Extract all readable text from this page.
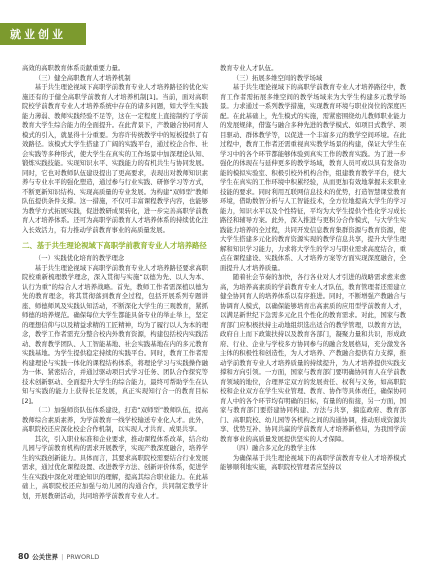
就业创业

高效的高职教育体系贡献重要力量。

（三）健全高职教育人才培养机制

基于共生理论视域下高职学前教育专业人才培养路径的优化实施还有的于健全高职学前教育人才培养机制[1]。当前，面对高职院校学前教育专业人才培养系统中存在的诸多问题，如大学生实践能力薄弱、教师实践经验不足等，这在一定程度上直接制约了学前教育大学生综合能力的全面提升。在此背景下，产教融合协同育人模式的引入，就显得十分重要。为容许传统教学中的短板提供了有效路径。该模式大学生搭建了广阔的实践平台，通过校企合作、社会实践等多种形式，使大学生在真实的工作场景中加深理论认知、锻炼实践技能。实现知识水平、实践能力的有机共生与协同发展。同时，它也对教师队伍建设提出了更高要求，表现出对教师知识素养与专业水平的强化塑造，通过参与行业实践、研修学习等方式，不断更新知识结构、实现高质量的专业发展。为构建“双师型”教师队伍提供条件支撑。这一措施，不仅可丰富课程教学内容，也能够为教学方式拓展实践，促进教研成果转化，进一步完善高职学前教育人才培养体系。还可为高职学前教育人才培养体系的持续优化注入长效活力，有力推动学前教育事业的高质量发展。

二、基于共生理论视域下高职学前教育专业人才培养路径

（一）实践优化培育的教学理念

基于共生理论视域下高职学前教育专业人才培养路径要求高职院校重新梳理教学理念，深入贯彻与实施“以德为先、以人为本、认行为重”的综合人才培养战略。首先，教师工作者需深植以德为先的教育理念，将其贯彻落到教育全过程，包括开展系列专题讲座、师德师风及实践认知活动，不断深化大学生的三观教育，紧抓师德的培养规范。确保每位大学生都能具备专业的举止举上，坚定的理想信仰与以及精益求精的工匠精神，均为了履行以人为本的理念，教学工作者需充分整合校内外教育资源，构建包括校内实践活动、教育教学团队、人工智能基地、社会实践基地在内的多元教育实践基地。为学生提供稳定持续的实践平台。同时，教育工作者需构建理论与实践一体化的课程结构体系，将理论学习与实践操作融为一体、紧密结合，并通过驱动项目式学习任务、团队合作探究等技术创新驱动、全面提升大学生的综合能力，最终可帮助学生在认知与实践的能力上获得长足发展，真正实现知行合一的教育目标[2]。

（二）加强师资队伍体系建设，打造“双师型”教师队伍，提高教师综合素质素养，为学前教育一线学校输送专业化人才。此外，高职院校还应深化校企合作机制，以实现人才共育、成果共享。

其次，引入职业标准和企业要求，推动课程体系改革，结合幼儿园与学前教育机构的需求开展教学，实现产教深度融合，培养学生的实践创新能力。具体而言，其要求高职院校需要结合行业发展需求，通过优化课程设置、改进教学方法、创新评价体系，促进学生在实践中深化对理论知识的理解，提高其综合职业能力。在此基础上，高职院校还应加强与幼儿园的沟通合作，共同制定教学计划，开展教研活动，共同培养学前教育专业人才。

教育专业人才队伍。

（三）拓展多维空间的教学场域

基于共生理论视域下的高职学前教育专业人才培养路径中，教育工作者需拓展多维空间的教学场域来为大学生构建多元教学场景。力求通过一系列教学措施，实现教育环境与职业岗位的深度匹配。在此基础上，先生模式的实施，需紧密围绕幼儿教师职业能力的发展规律，借鉴与融合多种先进的教学模式、如项目式教学、项目驱动、群体教学等，以促进一个丰富多元的教学空间环境。在此过程中，教育工作者还需重视真实教学场景的构建，保证大学生在学习中的各个环节都能够体验到真实工作的教育实践。为了进一步强化的体现在与延伸更多的教学场域，教育人员可或以具有发备功能的模拟实验室、积极引校外机构合作，组建教育教学平台，使大学生在真实的工作环境中积累经验，从而更加有效地掌握未来职业技能的要求。同时利用互联网信息技术的优势，打造智慧课堂教育环境，借助数智分析与人工智能技术，全方位地提高大学生的学习能力，知识水平以及个性特征，平均为大学生提供个性化学习成长路径和辅导方案。此外，深入推进与更积分合作模式，与大学生实践能力培养的全过程，共同开发信息教育集群资源与教育资源，使大学生搭建多元化的教育资源实现的教学信息共享，提升大学生理解和知识学习能力，力求将大学生的学习与职业需求高度结合，重点在课程建设、实践体系、人才培养方案等方面实现深度融合，全面提升人才培养质量。

随着社会节奏的加快，各行各业对人才引进的战略需求愈来愈高，为培养高素质的学前教育专业人才队伍，教育管理者还需建立健全协同育人的培养体系以有序推进。同时，不断增强产教融合与协调育人模式，以确保能够培育出高素质的应用型学前教育人才，以满足新世纪下急需多元化且个性化的教育需求。对此，国家与教育部门应积极扶持主动地组织选出适合的教学管理，以教育方法，政府自上而下政策扶持以及教育各部门，凝聚力量和共识，形成政府、行业、企业与学校多方协同参与的融合发展格局，充分激发各主体的积极性和创造性，为人才培养、产教融合提供有力支撑，推动学前教育专业人才培养质量的持续提升，为人才培养提供实践支撑和方向引领。一方面，国家与教育部门要明确协同育人在学前教育领域的地位，合理界定双方的发展责任、权利与义务，如高职院校和企业双方在学生实业管理、教育、协作等具体责任，确保协同育人中的各个环节均有明确的目标，有量的的衔接，另一方面，国家与教育部门要搭建协同构建、方法与共享，搞监政府、教育部门、高职院校、幼儿园等各机构之间的沟通协调，推动形成资源共享、优势互补、协同共赢的学前教育人才培养新格局，为我国学前教育事业的高质量发展提供坚实的人才保障。

（四）融合多元化的教学主体

为确保基于共生理论视域下的高职学前教育专业人才培养模式能够顺利地实施，高职院校管理者应坚持以

80 公关世界 | PRWORLD
